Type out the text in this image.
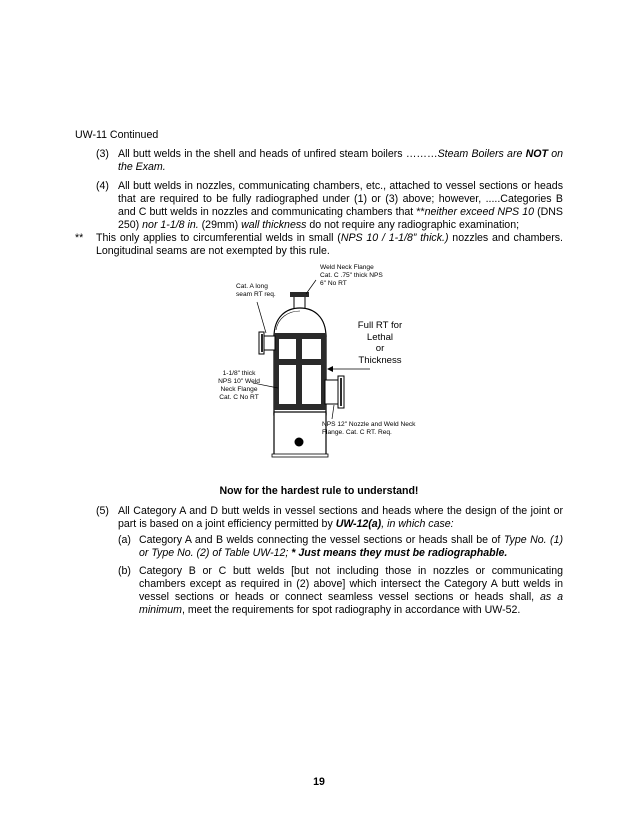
UW-11 Continued
(3) All butt welds in the shell and heads of unfired steam boilers ………Steam Boilers are NOT on the Exam.
(4) All butt welds in nozzles, communicating chambers, etc., attached to vessel sections or heads that are required to be fully radiographed under (1) or (3) above; however, .....Categories B and C butt welds in nozzles and communicating chambers that **neither exceed NPS 10 (DNS 250) nor 1-1/8 in. (29mm) wall thickness do not require any radiographic examination;
** This only applies to circumferential welds in small (NPS 10 / 1-1/8” thick.) nozzles and chambers. Longitudinal seams are not exempted by this rule.
Weld Neck Flange
Cat. C .75" thick NPS
6" No RT
Cat. A long
seam RT req.
Full RT for
Lethal
or
Thickness
1-1/8" thick
NPS 10" Weld
Neck Flange
Cat. C No RT
NPS 12" Nozzle and Weld Neck
Flange. Cat. C RT. Req.
Now for the hardest rule to understand!
(5) All Category A and D butt welds in vessel sections and heads where the design of the joint or part is based on a joint efficiency permitted by UW-12(a), in which case:
(a) Category A and B welds connecting the vessel sections or heads shall be of Type No. (1) or Type No. (2) of Table UW-12; * Just means they must be radiographable.
(b) Category B or C butt welds [but not including those in nozzles or communicating chambers except as required in (2) above] which intersect the Category A butt welds in vessel sections or heads or connect seamless vessel sections or heads shall, as a minimum, meet the requirements for spot radiography in accordance with UW-52.
19
